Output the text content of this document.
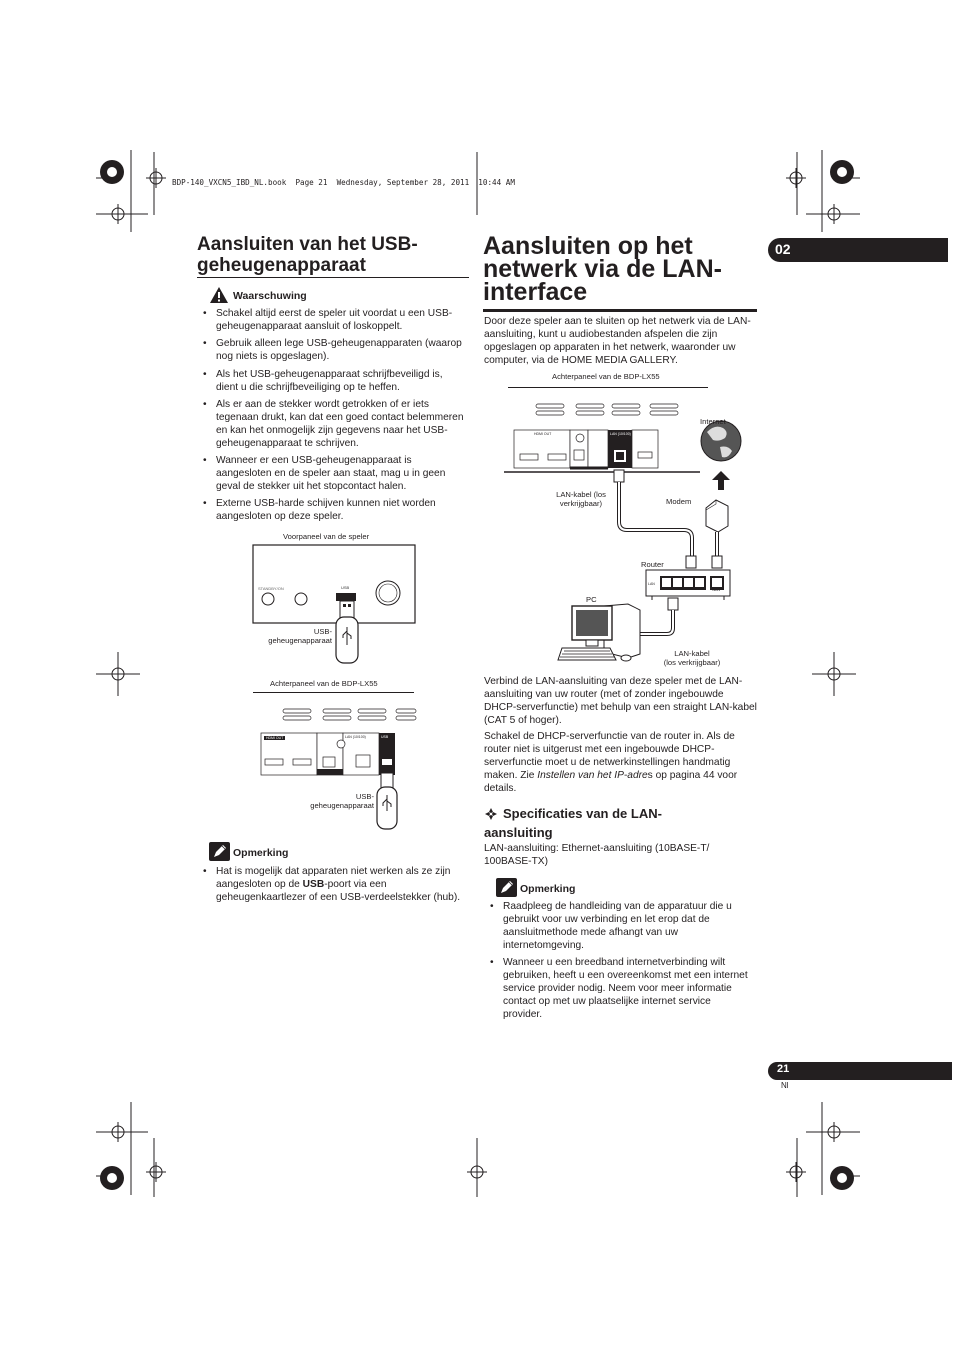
BDP-140_VXCN5_IBD_NL.book  Page 21  Wednesday, September 28, 2011  10:44 AM
02
21
Nl
Aansluiten van het USB-
geheugenapparaat
Waarschuwing
• Schakel altijd eerst de speler uit voordat u een USB-geheugenapparaat aansluit of loskoppelt.
• Gebruik alleen lege USB-geheugenapparaten (waarop nog niets is opgeslagen).
• Als het USB-geheugenapparaat schrijfbeveiligd is, dient u die schrijfbeveiliging op te heffen.
• Als er aan de stekker wordt getrokken of er iets tegenaan drukt, kan dat een goed contact belemmeren en kan het onmogelijk zijn gegevens naar het USB-geheugenapparaat te schrijven.
• Wanneer er een USB-geheugenapparaat is aangesloten en de speler aan staat, mag u in geen geval de stekker uit het stopcontact halen.
• Externe USB-harde schijven kunnen niet worden aangesloten op deze speler.
Voorpaneel van de speler
STANDBY/ON	USB
USB-
geheugenapparaat
Achterpaneel van de BDP-LX55
HDMI OUT	LAN (10/100)	USB
USB-
geheugenapparaat
Opmerking
• Hat is mogelijk dat apparaten niet werken als ze zijn aangesloten op de USB-poort via een geheugenkaartlezer of een USB-verdeelstekker (hub).
Aansluiten op het
netwerk via de LAN-
interface
Door deze speler aan te sluiten op het netwerk via de LAN-aansluiting, kunt u audiobestanden afspelen die zijn opgeslagen op apparaten in het netwerk, waaronder uw computer, via de HOME MEDIA GALLERY.
Achterpaneel van de BDP-LX55
HDMI OUT	LAN (10/100)
LAN
WAN
Internet
Modem
Router
PC
LAN-kabel (los
verkrijgbaar)
LAN-kabel
(los verkrijgbaar)
Verbind de LAN-aansluiting van deze speler met de LAN-aansluiting van uw router (met of zonder ingebouwde DHCP-serverfunctie) met behulp van een straight LAN-kabel (CAT 5 of hoger).
Schakel de DHCP-serverfunctie van de router in. Als de router niet is uitgerust met een ingebouwde DHCP-serverfunctie moet u de netwerkinstellingen handmatig maken. Zie Instellen van het IP-adres op pagina 44 voor details.
Specificaties van de LAN-
aansluiting
LAN-aansluiting: Ethernet-aansluiting (10BASE-T/ 100BASE-TX)
Opmerking
• Raadpleeg de handleiding van de apparatuur die u gebruikt voor uw verbinding en let erop dat de aansluitmethode mede afhangt van uw internetomgeving.
• Wanneer u een breedband internetverbinding wilt gebruiken, heeft u een overeenkomst met een internet service provider nodig. Neem voor meer informatie contact op met uw plaatselijke internet service provider.
